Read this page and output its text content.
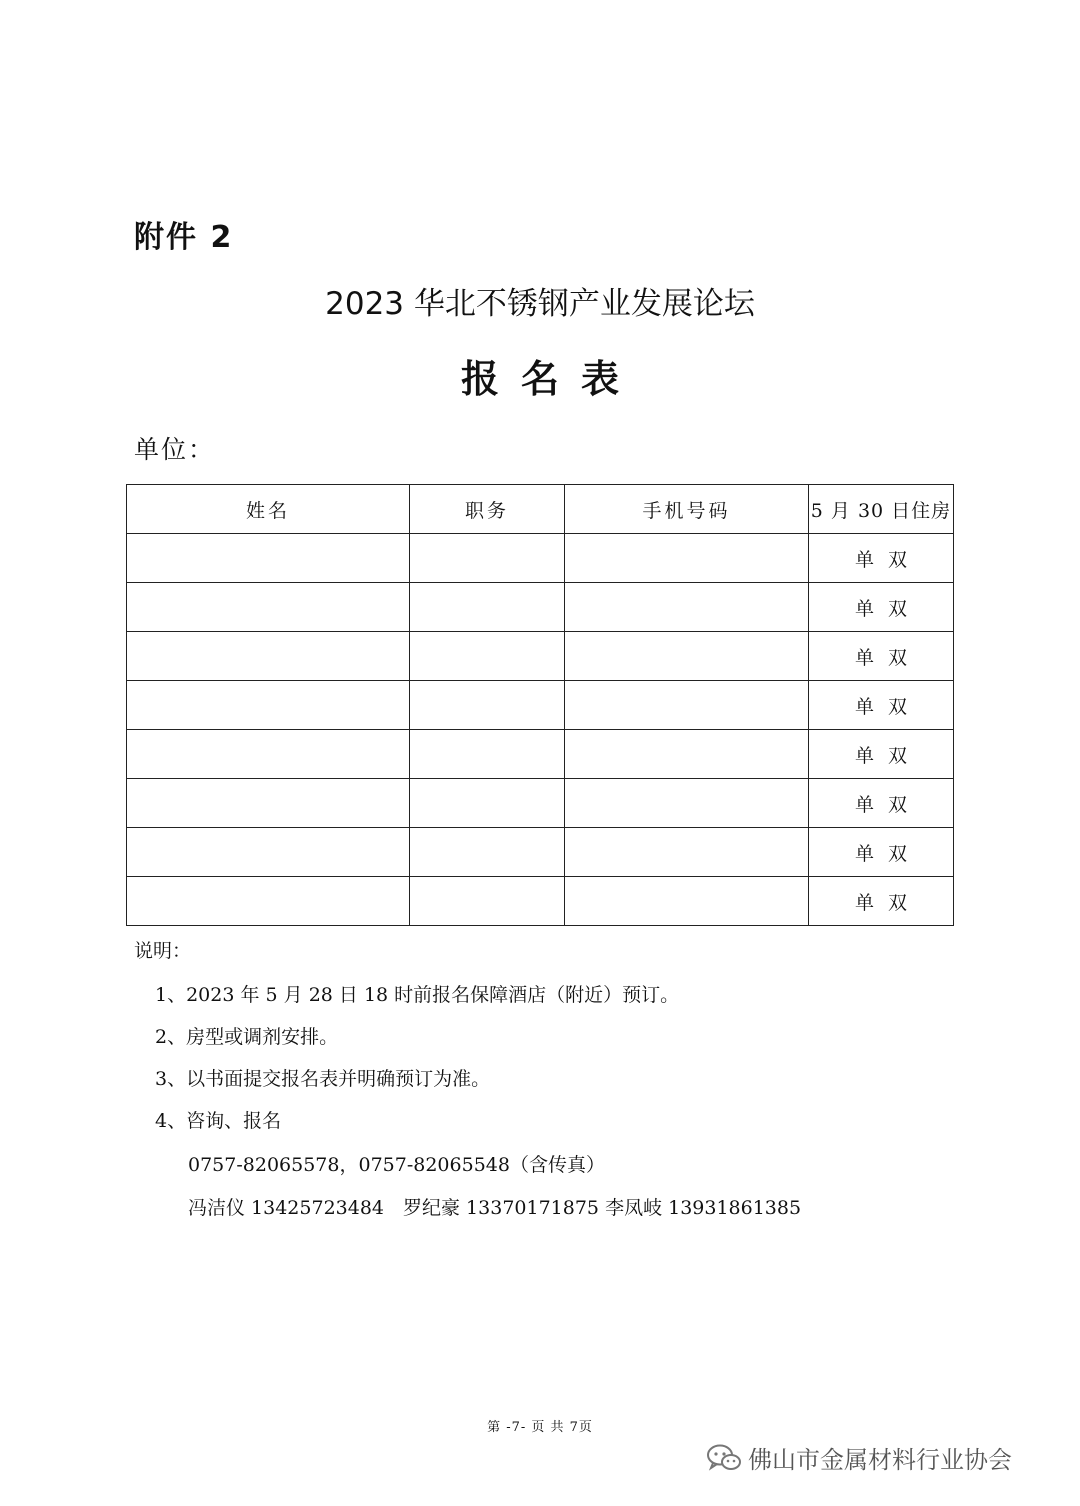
附件 2
2023 华北不锈钢产业发展论坛
报名表
单位：
姓名	职务	手机号码	5 月 30 日住房
			单 双
			单 双
			单 双
			单 双
			单 双
			单 双
			单 双
			单 双
说明：
1、2023 年 5 月 28 日 18 时前报名保障酒店（附近）预订。
2、房型或调剂安排。
3、以书面提交报名表并明确预订为准。
4、咨询、报名
0757-82065578，0757-82065548（含传真）
冯洁仪 13425723484　罗纪豪 13370171875 李凤岐 13931861385
第 -7- 页 共 7页
佛山市金属材料行业协会
